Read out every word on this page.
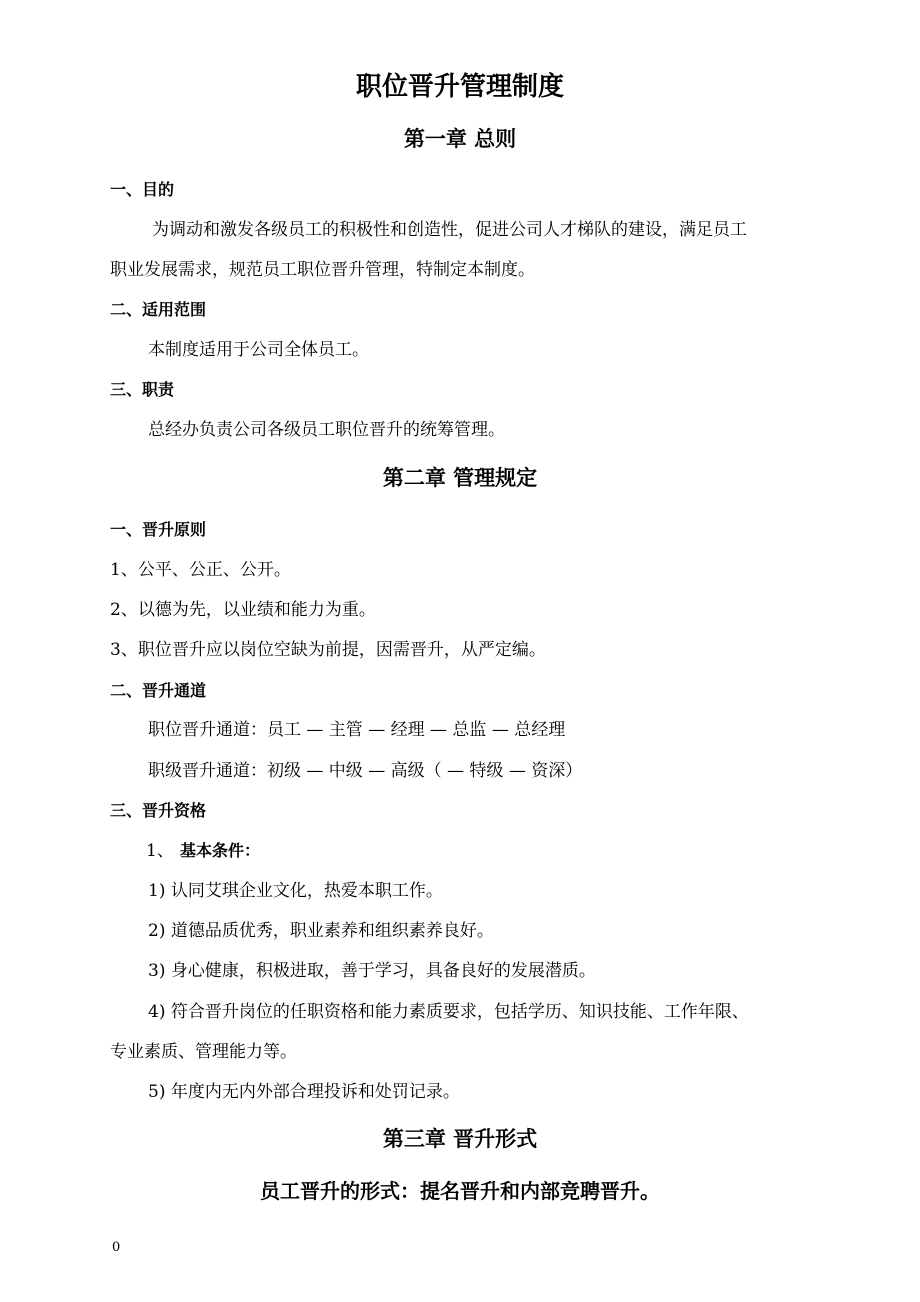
职位晋升管理制度
第一章 总则
一、目的
为调动和激发各级员工的积极性和创造性，促进公司人才梯队的建设，满足员工
职业发展需求，规范员工职位晋升管理，特制定本制度。
二、适用范围
本制度适用于公司全体员工。
三、职责
总经办负责公司各级员工职位晋升的统筹管理。
第二章 管理规定
一、晋升原则
1、公平、公正、公开。
2、以德为先，以业绩和能力为重。
3、职位晋升应以岗位空缺为前提，因需晋升，从严定编。
二、晋升通道
职位晋升通道：员工 — 主管 — 经理 — 总监 — 总经理
职级晋升通道：初级 — 中级 — 高级（ — 特级 — 资深）
三、晋升资格
1、 基本条件：
1) 认同艾琪企业文化，热爱本职工作。
2) 道德品质优秀，职业素养和组织素养良好。
3) 身心健康，积极进取，善于学习，具备良好的发展潜质。
4) 符合晋升岗位的任职资格和能力素质要求，包括学历、知识技能、工作年限、
专业素质、管理能力等。
5) 年度内无内外部合理投诉和处罚记录。
第三章 晋升形式
员工晋升的形式：提名晋升和内部竞聘晋升。
0
